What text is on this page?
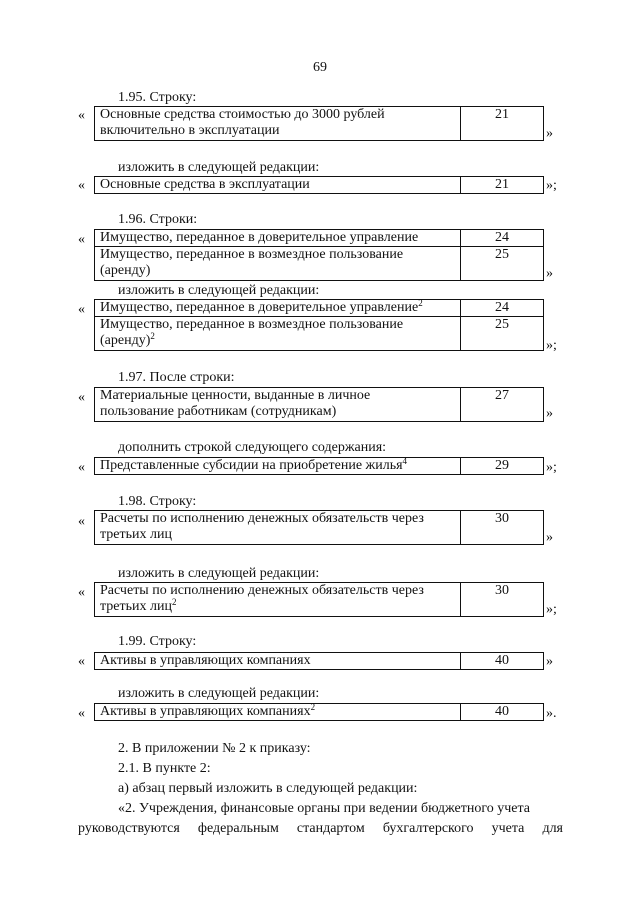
69
1.95. Строку:
« Основные средства стоимостью до 3000 рублей
включительно в эксплуатации	21
»
изложить в следующей редакции:
« Основные средства в эксплуатации	21	»;
1.96. Строки:
« Имущество, переданное в доверительное управление	24
Имущество, переданное в возмездное пользование
(аренду)	25
»
изложить в следующей редакции:
« Имущество, переданное в доверительное управление$^2$	24
Имущество, переданное в возмездное пользование
(аренду)$^2$	25
»;
1.97. После строки:
« Материальные ценности, выданные в личное
пользование работникам (сотрудникам)	27
»
дополнить строкой следующего содержания:
« Представленные субсидии на приобретение жилья$^4$	29	»;
1.98. Строку:
« Расчеты по исполнению денежных обязательств через
третьих лиц	30
»
изложить в следующей редакции:
« Расчеты по исполнению денежных обязательств через
третьих лиц$^2$	30
»;
1.99. Строку:
« Активы в управляющих компаниях	40	»
изложить в следующей редакции:
« Активы в управляющих компаниях$^2$	40	».
2. В приложении № 2 к приказу:
2.1. В пункте 2:
а) абзац первый изложить в следующей редакции:
«2. Учреждения, финансовые органы при ведении бюджетного учета
руководствуются федеральным стандартом бухгалтерского учета для
